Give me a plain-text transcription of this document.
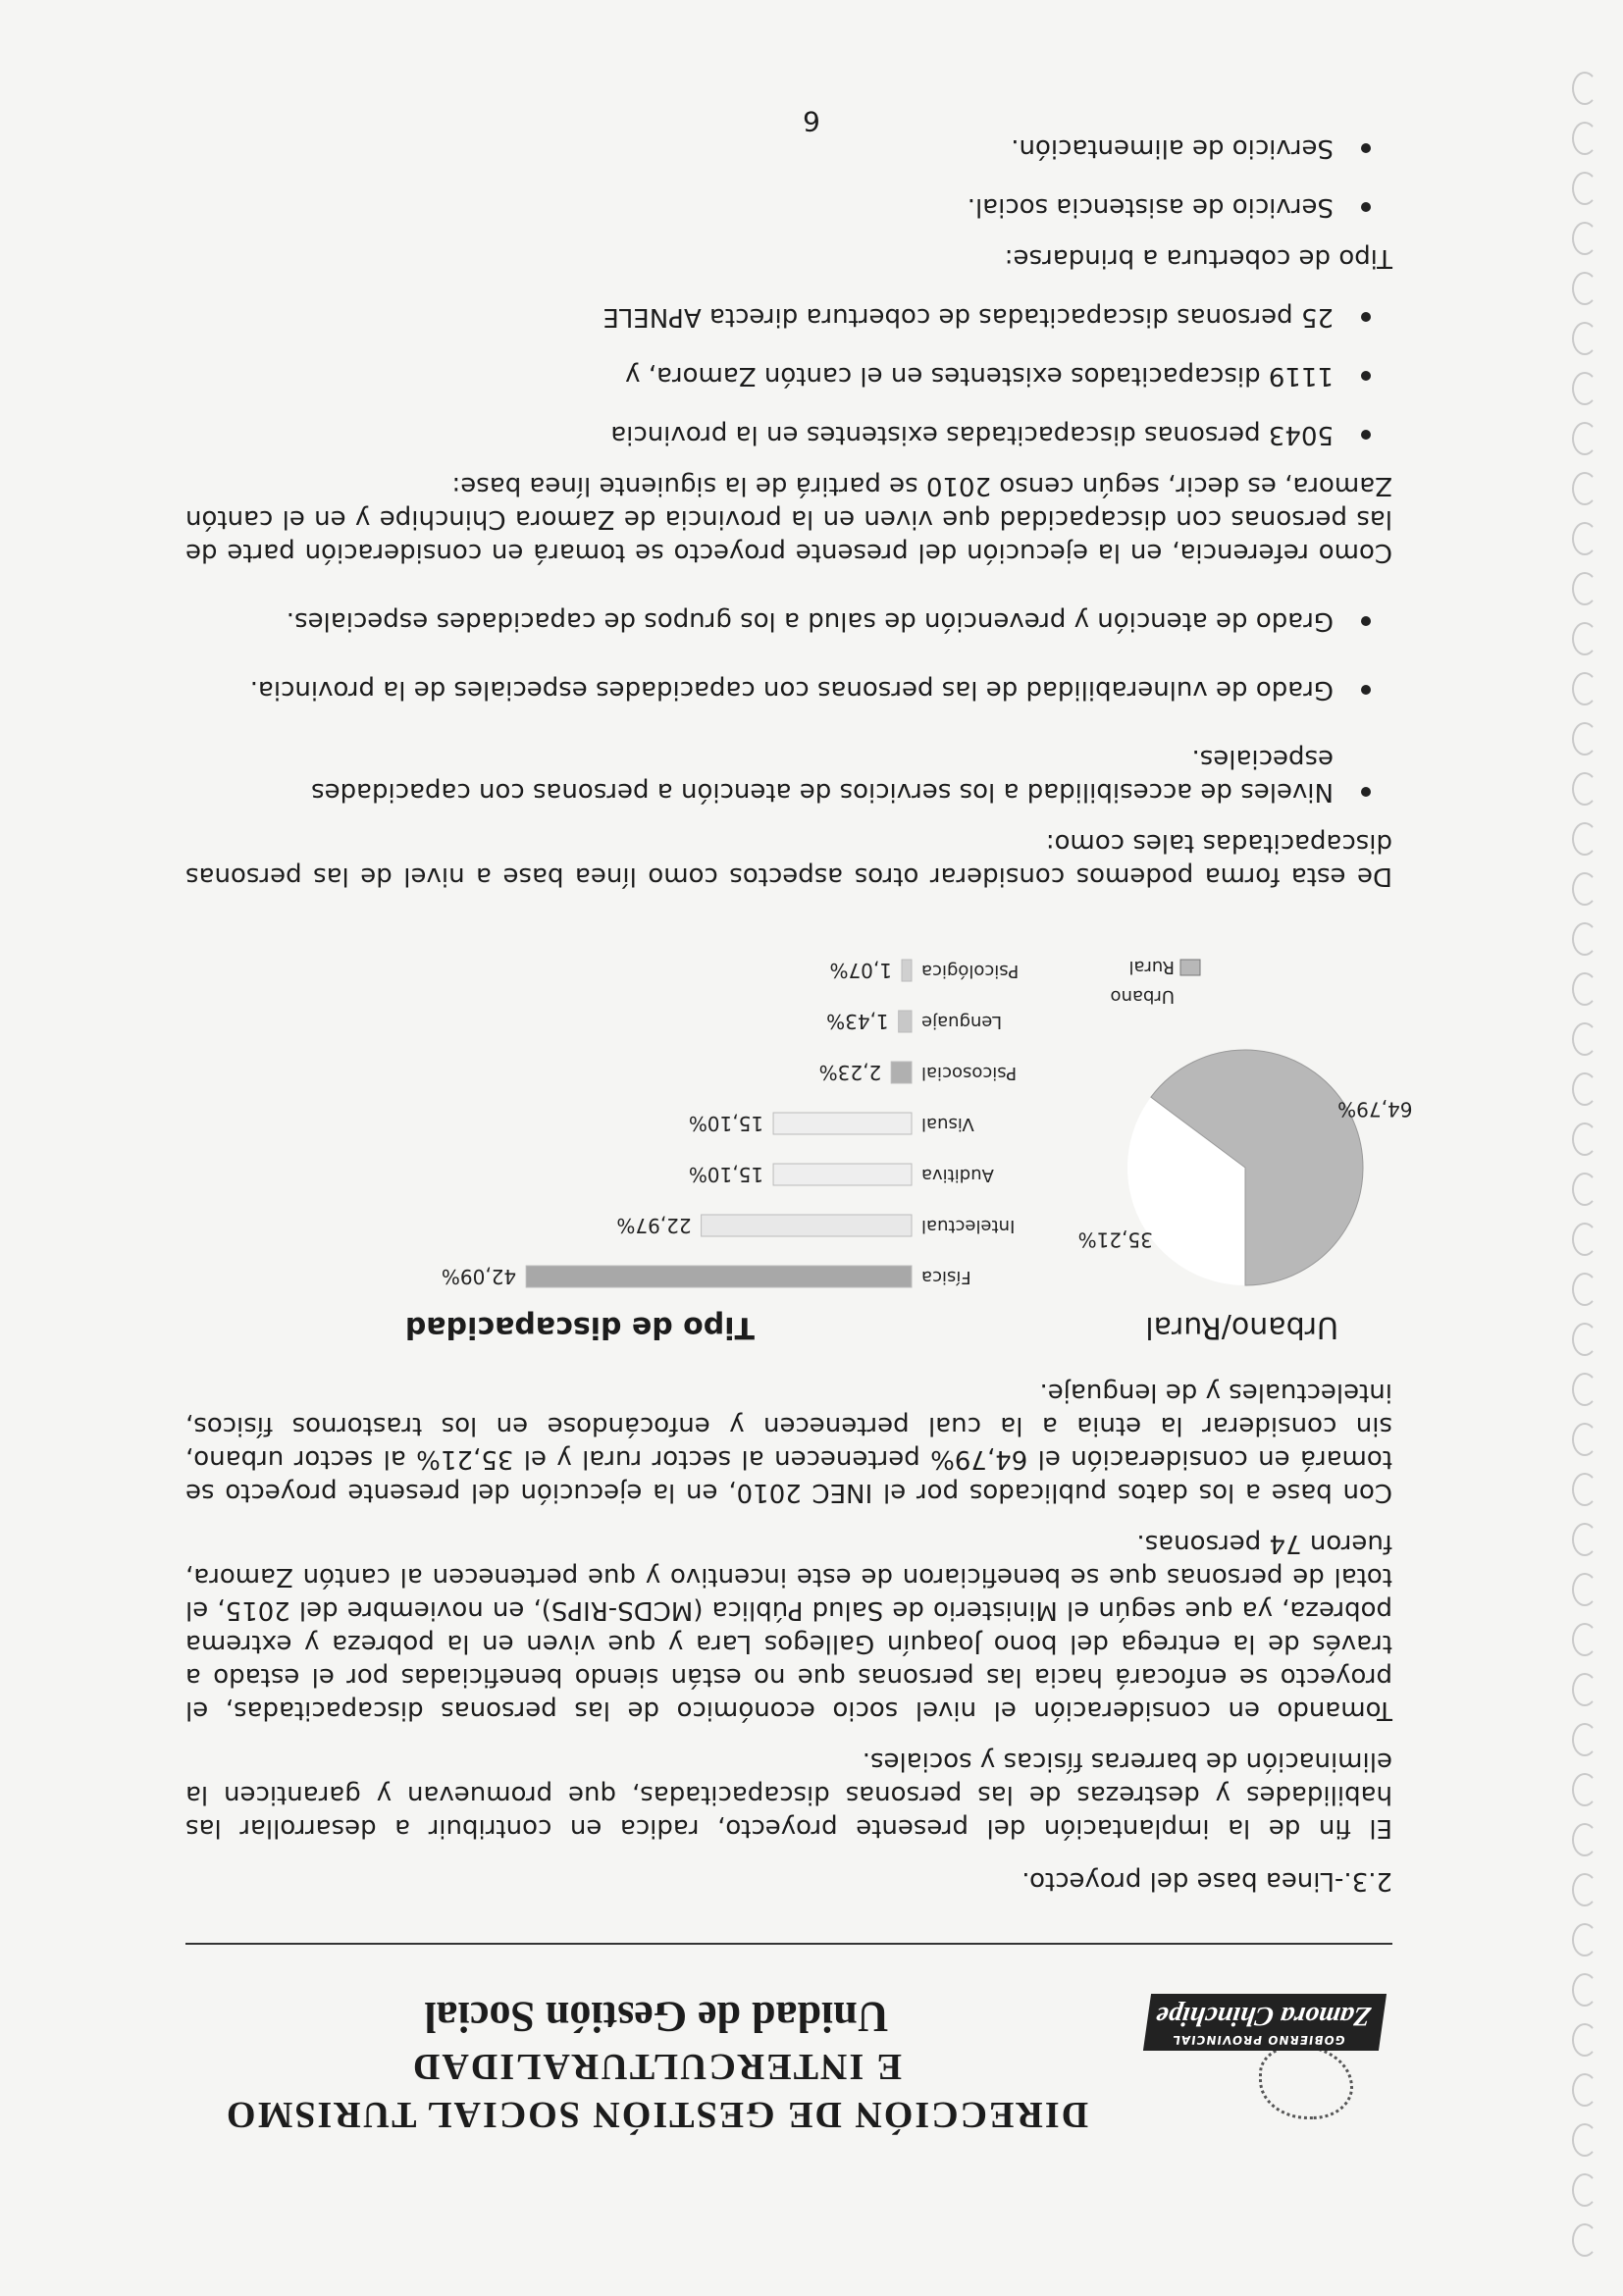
GOBIERNO PROVINCIAL
Zamora Chinchipe
DIRECCIÓN DE GESTIÓN SOCIAL TURISMO
E INTERCULTURALIDAD
Unidad de Gestión Social
2.3.-Linea base del proyecto.

El fin de la implantación del presente proyecto, radica en contribuir a desarrollar las habilidades y destrezas de las personas discapacitadas, que promuevan y garanticen la eliminación de barreras físicas y sociales.

Tomando en consideración el nivel socio económico de las personas discapacitadas, el proyecto se enfocará hacia las personas que no están siendo beneficiadas por el estado a través de la entrega del bono Joaquín Gallegos Lara y que viven en la pobreza y extrema pobreza, ya que según el Ministerio de Salud Pública (MCDS-RIPS), en noviembre del 2015, el total de personas que se beneficiaron de este incentivo y que pertenecen al cantón Zamora, fueron 74 personas.

Con base a los datos publicados por el INEC 2010, en la ejecución del presente proyecto se tomará en consideración el 64,79% pertenecen al sector rural y el 35,21% al sector urbano, sin considerar la etnia a la cual pertenecen y enfocándose en los trastornos físicos, intelectuales y de lenguaje.

Urbano/Rural
35,21%
64,79%
Urbano
Rural
Tipo de discapacidad
Física
42,09%
Intelectual
22,97%
Auditiva
15,10%
Visual
15,10%
Psicosocial
2,23%
Lenguaje
1,43%
Psicológica
1,07%

De esta forma podemos considerar otros aspectos como línea base a nivel de las personas discapacitadas tales como:

Niveles de accesibilidad a los servicios de atención a personas con capacidades especiales.
Grado de vulnerabilidad de las personas con capacidades especiales de la provincia.
Grado de atención y prevención de salud a los grupos de capacidades especiales.

Como referencia, en la ejecución del presente proyecto se tomará en consideración parte de las personas con discapacidad que viven en la provincia de Zamora Chinchipe y en el cantón Zamora, es decir, según censo 2010 se partirá de la siguiente línea base:

5043 personas discapacitadas existentes en la provincia
1119 discapacitados existentes en el cantón Zamora, y
25 personas discapacitadas de cobertura directa APNELE

Tipo de cobertura a brindarse:

Servicio de asistencia social.
Servicio de alimentación.
6
